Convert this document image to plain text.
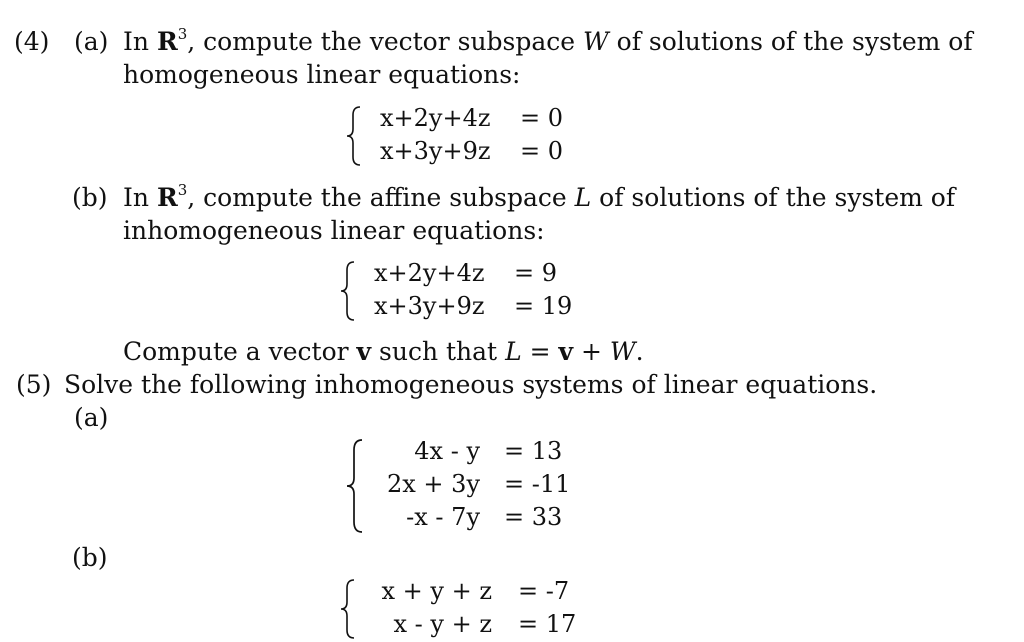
(4) (a) In $R^3$, compute the vector subspace W of solutions of the system of
homogeneous linear equations:
x+2y+4z = 0
x+3y+9z = 0
(b) In $R^3$, compute the affine subspace L of solutions of the system of
inhomogeneous linear equations:
x+2y+4z = 9
x+3y+9z = 19
Compute a vector v such that L = v + W.
(5) Solve the following inhomogeneous systems of linear equations.
(a)
4x - y = 13
2x + 3y = -11
-x - 7y = 33
(b)
x + y + z = -7
x - y + z = 17
